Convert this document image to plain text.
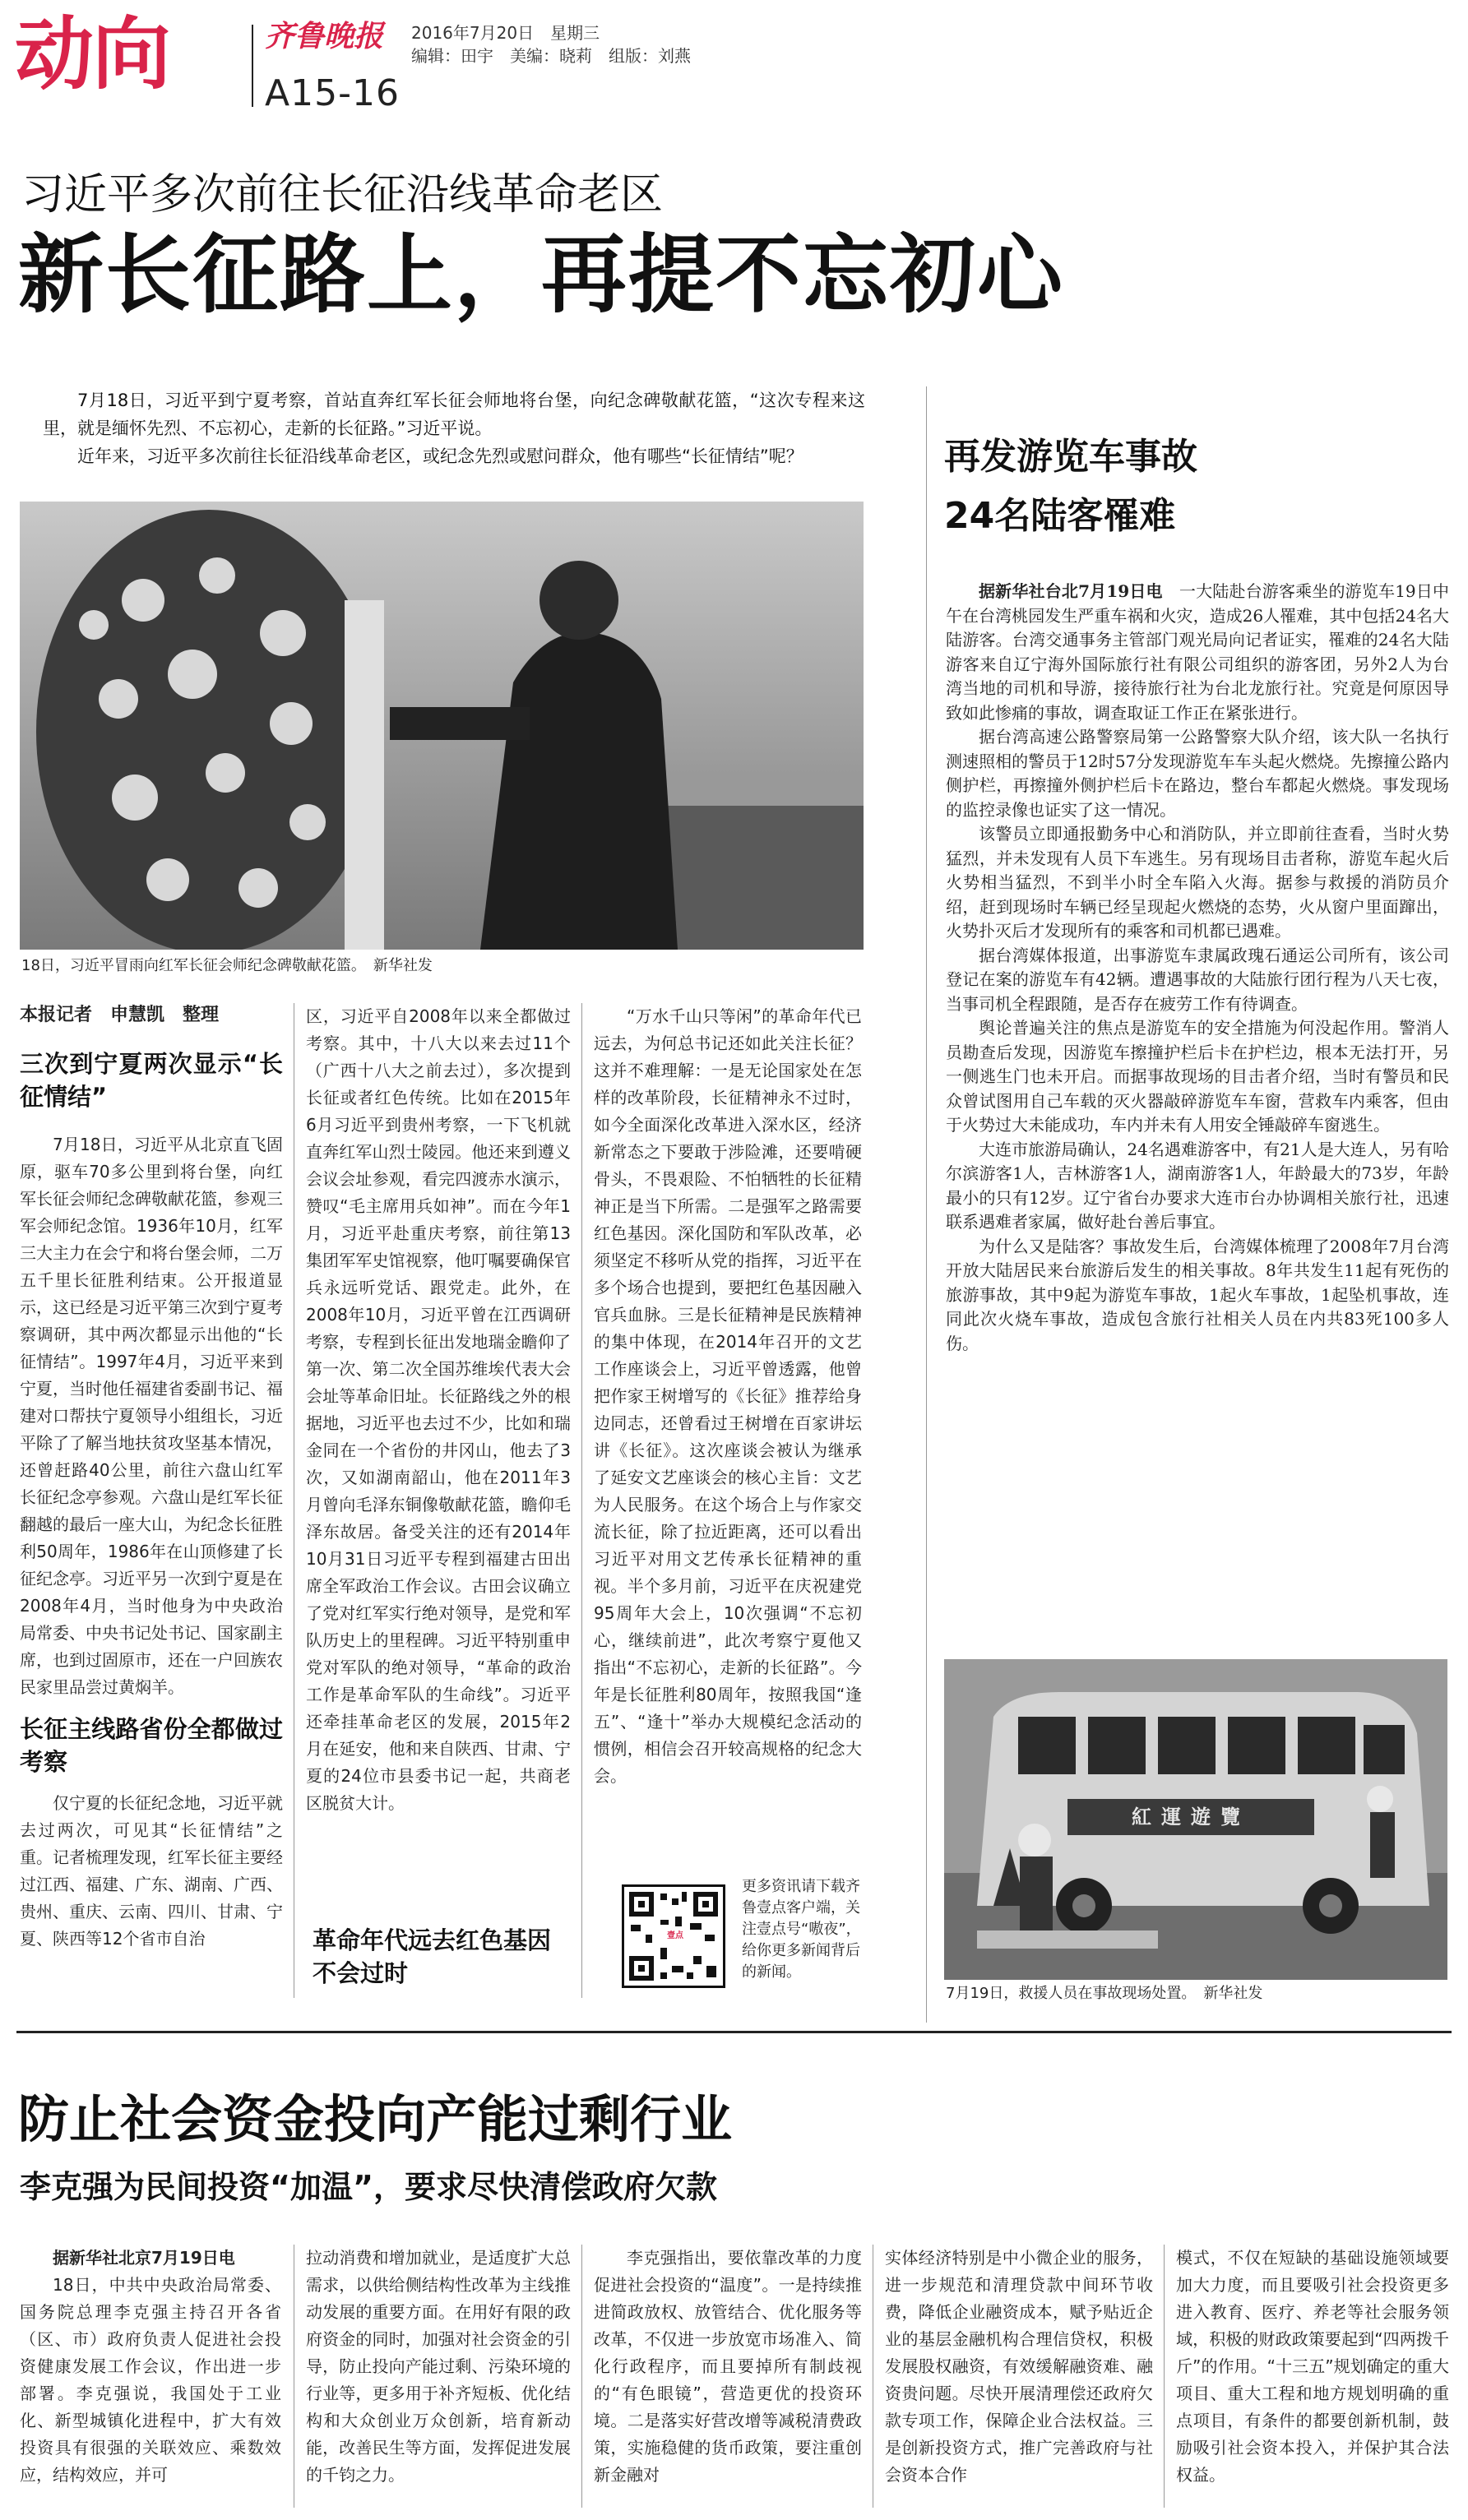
动向	齐鲁晚报 2016年7月20日　星期三
编辑：田宇　美编：晓莉　组版：刘燕
A15-16
习近平多次前往长征沿线革命老区
新长征路上，再提不忘初心

7月18日，习近平到宁夏考察，首站直奔红军长征会师地将台堡，向纪念碑敬献花篮，“这次专程来这里，就是缅怀先烈、不忘初心，走新的长征路。”习近平说。

近年来，习近平多次前往长征沿线革命老区，或纪念先烈或慰问群众，他有哪些“长征情结”呢？

18日，习近平冒雨向红军长征会师纪念碑敬献花篮。　新华社发
本报记者　申慧凯　整理
三次到宁夏两次显示“长征情结”

7月18日，习近平从北京直飞固原，驱车70多公里到将台堡，向红军长征会师纪念碑敬献花篮，参观三军会师纪念馆。1936年10月，红军三大主力在会宁和将台堡会师，二万五千里长征胜利结束。公开报道显示，这已经是习近平第三次到宁夏考察调研，其中两次都显示出他的“长征情结”。1997年4月，习近平来到宁夏，当时他任福建省委副书记、福建对口帮扶宁夏领导小组组长，习近平除了了解当地扶贫攻坚基本情况，还曾赶路40公里，前往六盘山红军长征纪念亭参观。六盘山是红军长征翻越的最后一座大山，为纪念长征胜利50周年，1986年在山顶修建了长征纪念亭。习近平另一次到宁夏是在2008年4月，当时他身为中央政治局常委、中央书记处书记、国家副主席，也到过固原市，还在一户回族农民家里品尝过黄焖羊。

长征主线路省份全都做过考察

仅宁夏的长征纪念地，习近平就去过两次，可见其“长征情结”之重。记者梳理发现，红军长征主要经过江西、福建、广东、湖南、广西、贵州、重庆、云南、四川、甘肃、宁夏、陕西等12个省市自治

区，习近平自2008年以来全都做过考察。其中，十八大以来去过11个（广西十八大之前去过），多次提到长征或者红色传统。比如在2015年6月习近平到贵州考察，一下飞机就直奔红军山烈士陵园。他还来到遵义会议会址参观，看完四渡赤水演示，赞叹“毛主席用兵如神”。而在今年1月，习近平赴重庆考察，前往第13集团军军史馆视察，他叮嘱要确保官兵永远听党话、跟党走。此外，在2008年10月，习近平曾在江西调研考察，专程到长征出发地瑞金瞻仰了第一次、第二次全国苏维埃代表大会会址等革命旧址。长征路线之外的根据地，习近平也去过不少，比如和瑞金同在一个省份的井冈山，他去了3次，又如湖南韶山，他在2011年3月曾向毛泽东铜像敬献花篮，瞻仰毛泽东故居。备受关注的还有2014年10月31日习近平专程到福建古田出席全军政治工作会议。古田会议确立了党对红军实行绝对领导，是党和军队历史上的里程碑。习近平特别重申党对军队的绝对领导，“革命的政治工作是革命军队的生命线”。习近平还牵挂革命老区的发展，2015年2月在延安，他和来自陕西、甘肃、宁夏的24位市县委书记一起，共商老区脱贫大计。

革命年代远去红色基因不会过时

“万水千山只等闲”的革命年代已远去，为何总书记还如此关注长征？这并不难理解：一是无论国家处在怎样的改革阶段，长征精神永不过时，如今全面深化改革进入深水区，经济新常态之下要敢于涉险滩，还要啃硬骨头，不畏艰险、不怕牺牲的长征精神正是当下所需。二是强军之路需要红色基因。深化国防和军队改革，必须坚定不移听从党的指挥，习近平在多个场合也提到，要把红色基因融入官兵血脉。三是长征精神是民族精神的集中体现，在2014年召开的文艺工作座谈会上，习近平曾透露，他曾把作家王树增写的《长征》推荐给身边同志，还曾看过王树增在百家讲坛讲《长征》。这次座谈会被认为继承了延安文艺座谈会的核心主旨：文艺为人民服务。在这个场合上与作家交流长征，除了拉近距离，还可以看出习近平对用文艺传承长征精神的重视。半个多月前，习近平在庆祝建党95周年大会上，10次强调“不忘初心，继续前进”，此次考察宁夏他又指出“不忘初心，走新的长征路”。今年是长征胜利80周年，按照我国“逢五”、“逢十”举办大规模纪念活动的惯例，相信会召开较高规格的纪念大会。

壹点
更多资讯请下载齐鲁壹点客户端，关注壹点号“嗷夜”，给你更多新闻背后的新闻。
再发游览车事故
24名陆客罹难

据新华社台北7月19日电　 一大陆赴台游客乘坐的游览车19日中午在台湾桃园发生严重车祸和火灾，造成26人罹难，其中包括24名大陆游客。台湾交通事务主管部门观光局向记者证实，罹难的24名大陆游客来自辽宁海外国际旅行社有限公司组织的游客团，另外2人为台湾当地的司机和导游，接待旅行社为台北龙旅行社。究竟是何原因导致如此惨痛的事故，调查取证工作正在紧张进行。

据台湾高速公路警察局第一公路警察大队介绍，该大队一名执行测速照相的警员于12时57分发现游览车车头起火燃烧。先擦撞公路内侧护栏，再擦撞外侧护栏后卡在路边，整台车都起火燃烧。事发现场的监控录像也证实了这一情况。

该警员立即通报勤务中心和消防队，并立即前往查看，当时火势猛烈，并未发现有人员下车逃生。另有现场目击者称，游览车起火后火势相当猛烈，不到半小时全车陷入火海。据参与救援的消防员介绍，赶到现场时车辆已经呈现起火燃烧的态势，火从窗户里面蹿出，火势扑灭后才发现所有的乘客和司机都已遇难。

据台湾媒体报道，出事游览车隶属政瑰石通运公司所有，该公司登记在案的游览车有42辆。遭遇事故的大陆旅行团行程为八天七夜，当事司机全程跟随，是否存在疲劳工作有待调查。

舆论普遍关注的焦点是游览车的安全措施为何没起作用。警消人员勘查后发现，因游览车擦撞护栏后卡在护栏边，根本无法打开，另一侧逃生门也未开启。而据事故现场的目击者介绍，当时有警员和民众曾试图用自己车载的灭火器敲碎游览车车窗，营救车内乘客，但由于火势过大未能成功，车内并未有人用安全锤敲碎车窗逃生。

大连市旅游局确认，24名遇难游客中，有21人是大连人，另有哈尔滨游客1人，吉林游客1人，湖南游客1人，年龄最大的73岁，年龄最小的只有12岁。辽宁省台办要求大连市台办协调相关旅行社，迅速联系遇难者家属，做好赴台善后事宜。

为什么又是陆客？事故发生后，台湾媒体梳理了2008年7月台湾开放大陆居民来台旅游后发生的相关事故。8年共发生11起有死伤的旅游事故，其中9起为游览车事故，1起火车事故，1起坠机事故，连同此次火烧车事故，造成包含旅行社相关人员在内共83死100多人伤。

紅運遊覽
7月19日，救援人员在事故现场处置。　新华社发
防止社会资金投向产能过剩行业
李克强为民间投资“加温”，要求尽快清偿政府欠款

据新华社北京7月19日电

18日，中共中央政治局常委、国务院总理李克强主持召开各省（区、市）政府负责人促进社会投资健康发展工作会议，作出进一步部署。李克强说，我国处于工业化、新型城镇化进程中，扩大有效投资具有很强的关联效应、乘数效应，结构效应，并可

拉动消费和增加就业，是适度扩大总需求，以供给侧结构性改革为主线推动发展的重要方面。在用好有限的政府资金的同时，加强对社会资金的引导，防止投向产能过剩、污染环境的行业等，更多用于补齐短板、优化结构和大众创业万众创新，培育新动能，改善民生等方面，发挥促进发展的千钧之力。

李克强指出，要依靠改革的力度促进社会投资的“温度”。一是持续推进简政放权、放管结合、优化服务等改革，不仅进一步放宽市场准入、简化行政程序，而且要掉所有制歧视的“有色眼镜”，营造更优的投资环境。二是落实好营改增等减税清费政策，实施稳健的货币政策，要注重创新金融对

实体经济特别是中小微企业的服务，进一步规范和清理贷款中间环节收费，降低企业融资成本，赋予贴近企业的基层金融机构合理信贷权，积极发展股权融资，有效缓解融资难、融资贵问题。尽快开展清理偿还政府欠款专项工作，保障企业合法权益。三是创新投资方式，推广完善政府与社会资本合作

模式，不仅在短缺的基础设施领域要加大力度，而且要吸引社会投资更多进入教育、医疗、养老等社会服务领域，积极的财政政策要起到“四两拨千斤”的作用。“十三五”规划确定的重大项目、重大工程和地方规划明确的重点项目，有条件的都要创新机制，鼓励吸引社会资本投入，并保护其合法权益。
